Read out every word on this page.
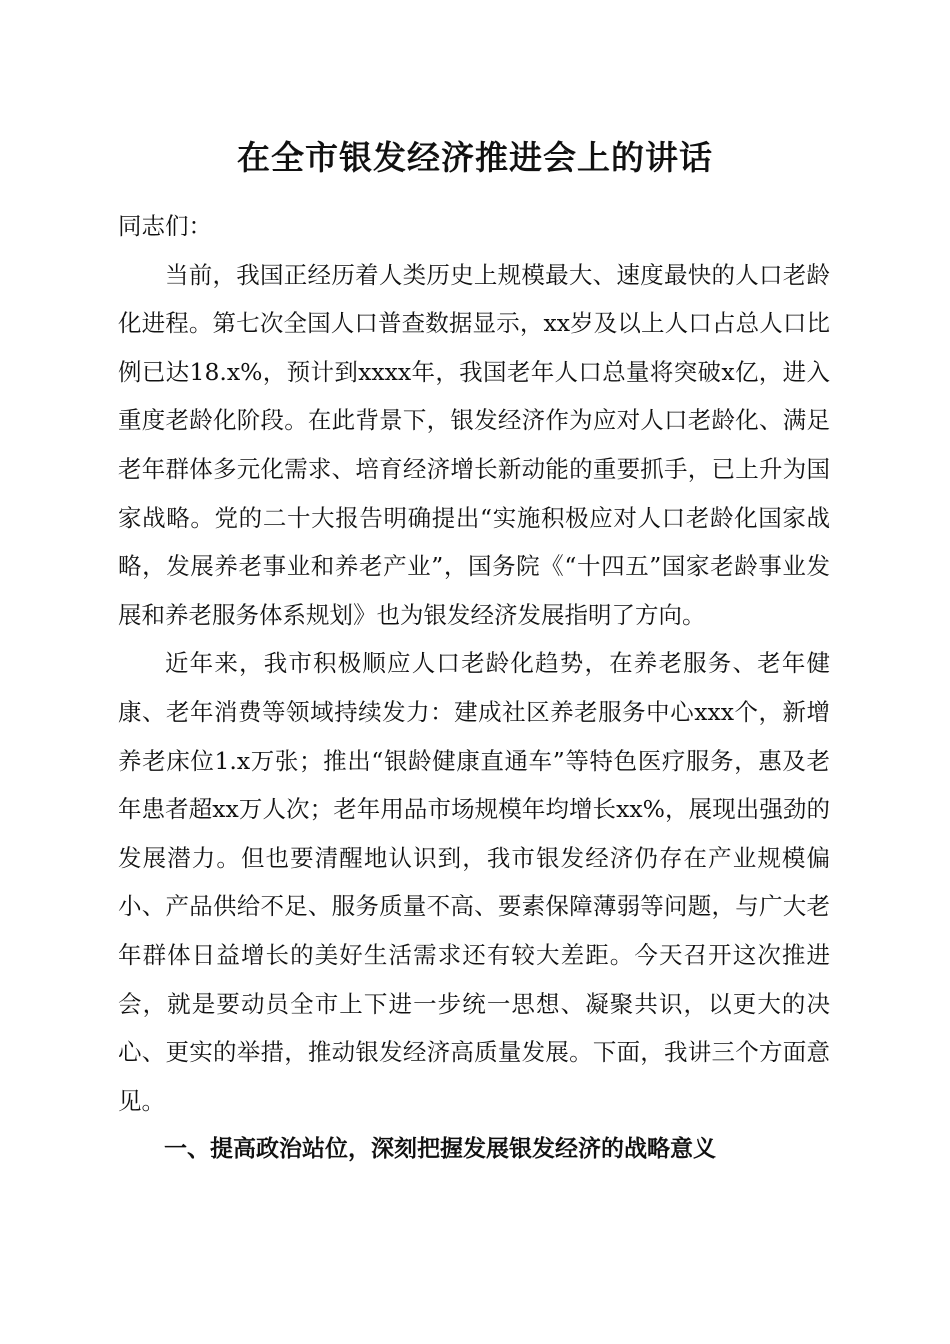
在全市银发经济推进会上的讲话

同志们：

当前，我国正经历着人类历史上规模最大、速度最快的人口老龄化进程。第七次全国人口普查数据显示，xx岁及以上人口占总人口比例已达18.x%，预计到xxxx年，我国老年人口总量将突破x亿，进入重度老龄化阶段。在此背景下，银发经济作为应对人口老龄化、满足老年群体多元化需求、培育经济增长新动能的重要抓手，已上升为国家战略。党的二十大报告明确提出“实施积极应对人口老龄化国家战略，发展养老事业和养老产业”，国务院《“十四五”国家老龄事业发展和养老服务体系规划》也为银发经济发展指明了方向。

近年来，我市积极顺应人口老龄化趋势，在养老服务、老年健康、老年消费等领域持续发力：建成社区养老服务中心xxx个，新增养老床位1.x万张；推出“银龄健康直通车”等特色医疗服务，惠及老年患者超xx万人次；老年用品市场规模年均增长xx%，展现出强劲的发展潜力。但也要清醒地认识到，我市银发经济仍存在产业规模偏小、产品供给不足、服务质量不高、要素保障薄弱等问题，与广大老年群体日益增长的美好生活需求还有较大差距。今天召开这次推进会，就是要动员全市上下进一步统一思想、凝聚共识，以更大的决心、更实的举措，推动银发经济高质量发展。下面，我讲三个方面意见。

一、提高政治站位，深刻把握发展银发经济的战略意义
